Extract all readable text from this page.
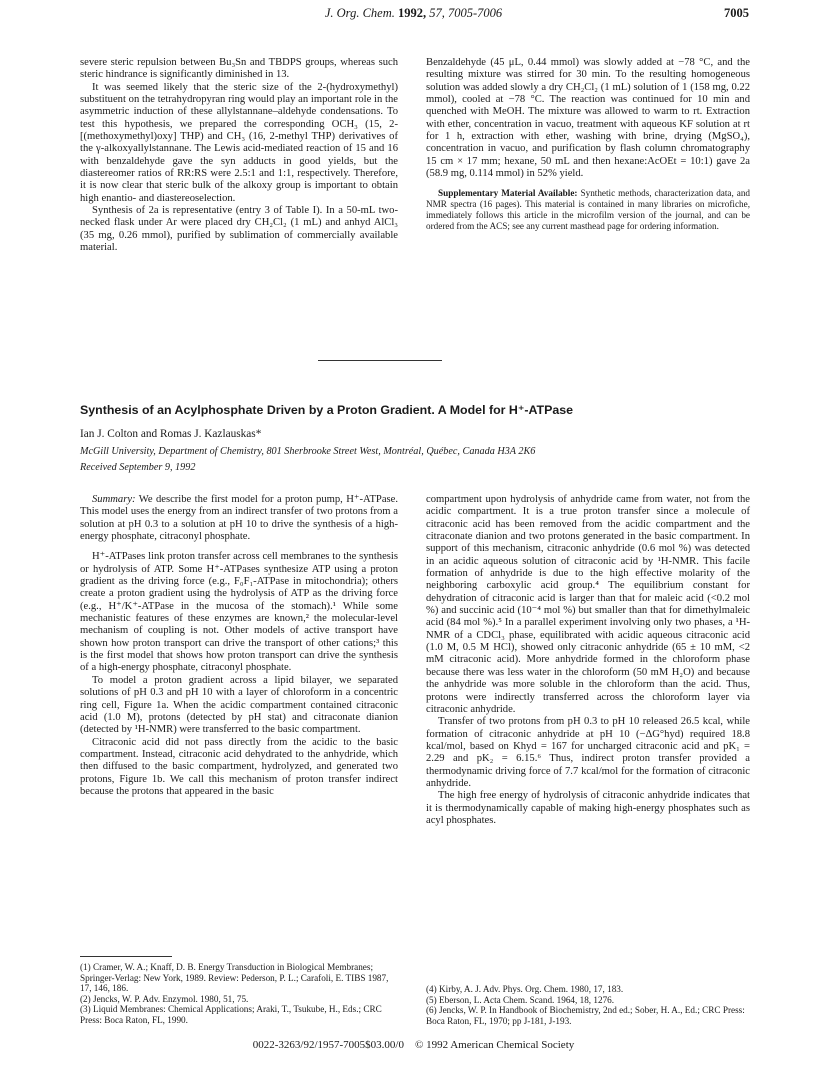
J. Org. Chem. 1992, 57, 7005-7006	7005

severe steric repulsion between Bu₃Sn and TBDPS groups, whereas such steric hindrance is significantly diminished in 13.

It was seemed likely that the steric size of the 2-(hydroxymethyl) substituent on the tetrahydropyran ring would play an important role in the asymmetric induction of these allylstannane–aldehyde condensations. To test this hypothesis, we prepared the corresponding OCH₃ (15, 2-[(methoxymethyl)oxy] THP) and CH₃ (16, 2-methyl THP) derivatives of the γ-alkoxyallylstannane. The Lewis acid-mediated reaction of 15 and 16 with benzaldehyde gave the syn adducts in good yields, but the diastereomer ratios of RR:RS were 2.5:1 and 1:1, respectively. Therefore, it is now clear that steric bulk of the alkoxy group is important to obtain high enantio- and diastereoselection.

Synthesis of 2a is representative (entry 3 of Table I). In a 50-mL two-necked flask under Ar were placed dry CH₂Cl₂ (1 mL) and anhyd AlCl₃ (35 mg, 0.26 mmol), purified by sublimation of commercially available material.

Benzaldehyde (45 μL, 0.44 mmol) was slowly added at −78 °C, and the resulting mixture was stirred for 30 min. To the resulting homogeneous solution was added slowly a dry CH₂Cl₂ (1 mL) solution of 1 (158 mg, 0.22 mmol), cooled at −78 °C. The reaction was continued for 10 min and quenched with MeOH. The mixture was allowed to warm to rt. Extraction with ether, concentration in vacuo, treatment with aqueous KF solution at rt for 1 h, extraction with ether, washing with brine, drying (MgSO₄), concentration in vacuo, and purification by flash column chromatography 15 cm × 17 mm; hexane, 50 mL and then hexane:AcOEt = 10:1) gave 2a (58.9 mg, 0.114 mmol) in 52% yield.

Supplementary Material Available: Synthetic methods, characterization data, and NMR spectra (16 pages). This material is contained in many libraries on microfiche, immediately follows this article in the microfilm version of the journal, and can be ordered from the ACS; see any current masthead page for ordering information.

Synthesis of an Acylphosphate Driven by a Proton Gradient. A Model for H⁺-ATPase
Ian J. Colton and Romas J. Kazlauskas*
McGill University, Department of Chemistry, 801 Sherbrooke Street West, Montréal, Québec, Canada H3A 2K6
Received September 9, 1992

Summary: We describe the first model for a proton pump, H⁺-ATPase. This model uses the energy from an indirect transfer of two protons from a solution at pH 0.3 to a solution at pH 10 to drive the synthesis of a high-energy phosphate, citraconyl phosphate.

H⁺-ATPases link proton transfer across cell membranes to the synthesis or hydrolysis of ATP. Some H⁺-ATPases synthesize ATP using a proton gradient as the driving force (e.g., F₀F₁-ATPase in mitochondria); others create a proton gradient using the hydrolysis of ATP as the driving force (e.g., H⁺/K⁺-ATPase in the mucosa of the stomach).¹ While some mechanistic features of these enzymes are known,² the molecular-level mechanism of coupling is not. Other models of active transport have shown how proton transport can drive the transport of other cations;³ this is the first model that shows how proton transport can drive the synthesis of a high-energy phosphate, citraconyl phosphate.

To model a proton gradient across a lipid bilayer, we separated solutions of pH 0.3 and pH 10 with a layer of chloroform in a concentric ring cell, Figure 1a. When the acidic compartment contained citraconic acid (1.0 M), protons (detected by pH stat) and citraconate dianion (detected by ¹H-NMR) were transferred to the basic compartment.

Citraconic acid did not pass directly from the acidic to the basic compartment. Instead, citraconic acid dehydrated to the anhydride, which then diffused to the basic compartment, hydrolyzed, and generated two protons, Figure 1b. We call this mechanism of proton transfer indirect because the protons that appeared in the basic

compartment upon hydrolysis of anhydride came from water, not from the acidic compartment. It is a true proton transfer since a molecule of citraconic acid has been removed from the acidic compartment and the citraconate dianion and two protons generated in the basic compartment. In support of this mechanism, citraconic anhydride (0.6 mol %) was detected in an acidic aqueous solution of citraconic acid by ¹H-NMR. This facile formation of anhydride is due to the high effective molarity of the neighboring carboxylic acid group.⁴ The equilibrium constant for dehydration of citraconic acid is larger than that for maleic acid (<0.2 mol %) and succinic acid (10⁻⁴ mol %) but smaller than that for dimethylmaleic acid (84 mol %).⁵ In a parallel experiment involving only two phases, a ¹H-NMR of a CDCl₃ phase, equilibrated with acidic aqueous citraconic acid (1.0 M, 0.5 M HCl), showed only citraconic anhydride (65 ± 10 mM, <2 mM citraconic acid). More anhydride formed in the chloroform phase because there was less water in the chloroform (50 mM H₂O) and because the anhydride was more soluble in the chloroform than the acid. Thus, protons were indirectly transferred across the chloroform layer via citraconic anhydride.

Transfer of two protons from pH 0.3 to pH 10 released 26.5 kcal, while formation of citraconic anhydride at pH 10 (−ΔG°hyd) required 18.8 kcal/mol, based on Khyd = 167 for uncharged citraconic acid and pK₁ = 2.29 and pK₂ = 6.15.⁶ Thus, indirect proton transfer provided a thermodynamic driving force of 7.7 kcal/mol for the formation of citraconic anhydride.

The high free energy of hydrolysis of citraconic anhydride indicates that it is thermodynamically capable of making high-energy phosphates such as acyl phosphates.

(1) Cramer, W. A.; Knaff, D. B. Energy Transduction in Biological Membranes; Springer-Verlag: New York, 1989. Review: Pederson, P. L.; Carafoli, E. TIBS 1987, 17, 146, 186.

(2) Jencks, W. P. Adv. Enzymol. 1980, 51, 75.

(3) Liquid Membranes: Chemical Applications; Araki, T., Tsukube, H., Eds.; CRC Press: Boca Raton, FL, 1990.

(4) Kirby, A. J. Adv. Phys. Org. Chem. 1980, 17, 183.

(5) Eberson, L. Acta Chem. Scand. 1964, 18, 1276.

(6) Jencks, W. P. In Handbook of Biochemistry, 2nd ed.; Sober, H. A., Ed.; CRC Press: Boca Raton, FL, 1970; pp J-181, J-193.

0022-3263/92/1957-7005$03.00/0 © 1992 American Chemical Society
